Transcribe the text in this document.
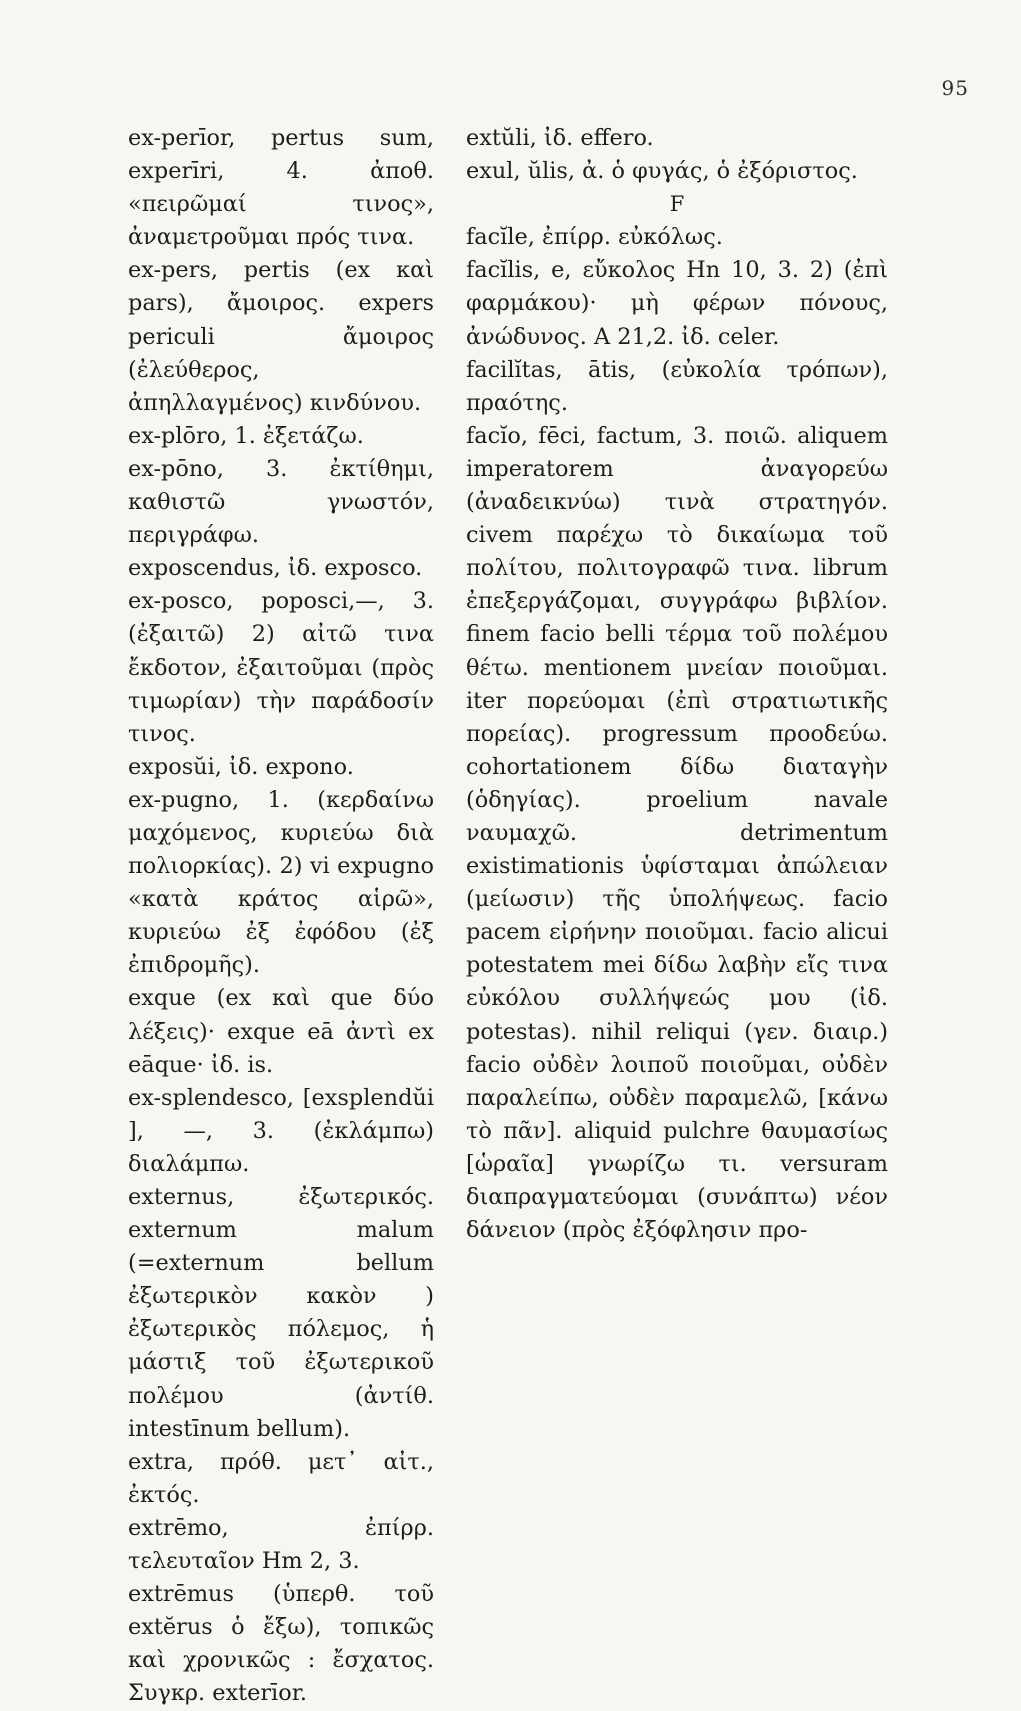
95

ex-perīor, pertus sum, experīri, 4. ἀποθ. «πειρῶμαί τινος», ἀναμετροῦμαι πρός τινα.

ex-pers, pertis (ex καὶ pars), ἄμοιρος. expers periculi ἄμοιρος (ἐλεύθερος, ἀπηλλαγμένος) κινδύνου.

ex-plōro, 1. ἐξετάζω.

ex-pōno, 3. ἐκτίθημι, καθιστῶ γνωστόν, περιγράφω.

exposcendus, ἰδ. exposco.

ex-posco, poposci,—, 3. (ἐξαιτῶ) 2) αἰτῶ τινα ἔκδοτον, ἐξαιτοῦμαι (πρὸς τιμωρίαν) τὴν παράδοσίν τινος.

exposŭi, ἰδ. expono.

ex-pugno, 1. (κερδαίνω μαχόμενος, κυριεύω διὰ πολιορκίας). 2) vi expugno «κατὰ κράτος αἱρῶ», κυριεύω ἐξ ἐφόδου (ἐξ ἐπιδρομῆς).

exque (ex καὶ que δύο λέξεις)· exque eā ἀντὶ ex eāque· ἰδ. is.

ex-splendesco, [exsplendŭi ], —, 3. (ἐκλάμπω) διαλάμπω.

externus, ἐξωτερικός. externum malum (=externum bellum ἐξωτερικὸν κακὸν ) ἐξωτερικὸς πόλεμος, ἡ μάστιξ τοῦ ἐξωτερικοῦ πολέμου (ἀντίθ. intestīnum bellum).

extra, πρόθ. μετ᾽ αἰτ., ἐκτός.

extrēmo, ἐπίρρ. τελευταῖον Hm 2, 3.

extrēmus (ὑπερθ. τοῦ extĕrus ὁ ἔξω), τοπικῶς καὶ χρονικῶς : ἔσχατος. Συγκρ. exterīor.

extŭli, ἰδ. effero.

exul, ŭlis, ἀ. ὁ φυγάς, ὁ ἐξόριστος.

F

facĭle, ἐπίρρ. εὐκόλως.

facĭlis, e, εὔκολος Hn 10, 3. 2) (ἐπὶ φαρμάκου)· μὴ φέρων πόνους, ἀνώδυνος. A 21,2. ἰδ. celer.

facilĭtas, ātis, (εὐκολία τρόπων), πραότης.

facĭo, fēci, factum, 3. ποιῶ. aliquem imperatorem ἀναγορεύω (ἀναδεικνύω) τινὰ στρατηγόν. civem παρέχω τὸ δικαίωμα τοῦ πολίτου, πολιτογραφῶ τινα. librum ἐπεξεργάζομαι, συγγράφω βιβλίον. finem facio belli τέρμα τοῦ πολέμου θέτω. mentionem μνείαν ποιοῦμαι. iter πορεύομαι (ἐπὶ στρατιωτικῆς πορείας). progressum προοδεύω. cohortationem δίδω διαταγὴν (ὁδηγίας). proelium navale ναυμαχῶ. detrimentum existimationis ὑφίσταμαι ἀπώλειαν (μείωσιν) τῆς ὑπολήψεως. facio pacem εἰρήνην ποιοῦμαι. facio alicui potestatem mei δίδω λαβὴν εἴς τινα εὐκόλου συλλήψεώς μου (ἰδ. potestas). nihil reliqui (γεν. διαιρ.) facio οὐδὲν λοιποῦ ποιοῦμαι, οὐδὲν παραλείπω, οὐδὲν παραμελῶ, [κάνω τὸ πᾶν]. aliquid pulchre θαυμασίως [ὡραῖα] γνωρίζω τι. versuram διαπραγματεύομαι (συνάπτω) νέον δάνειον (πρὸς ἐξόφλησιν προ-
